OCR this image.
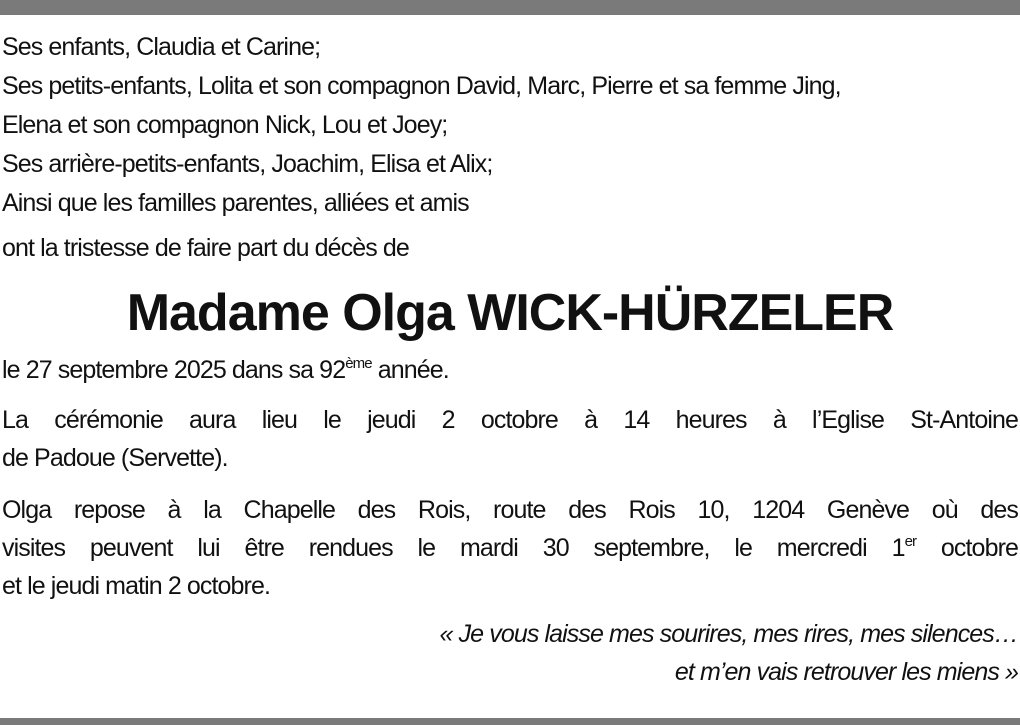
Ses enfants, Claudia et Carine;
Ses petits-enfants, Lolita et son compagnon David, Marc, Pierre et sa femme Jing,
Elena et son compagnon Nick, Lou et Joey;
Ses arrière-petits-enfants, Joachim, Elisa et Alix;
Ainsi que les familles parentes, alliées et amis

ont la tristesse de faire part du décès de

Madame Olga WICK-HÜRZELER

le 27 septembre 2025 dans sa 92ème année.

La cérémonie aura lieu le jeudi 2 octobre à 14 heures à l’Eglise St-Antoine
de Padoue (Servette).

Olga repose à la Chapelle des Rois, route des Rois 10, 1204 Genève où des
visites peuvent lui être rendues le mardi 30 septembre, le mercredi 1er octobre
et le jeudi matin 2 octobre.

« Je vous laisse mes sourires, mes rires, mes silences…
et m’en vais retrouver les miens »
